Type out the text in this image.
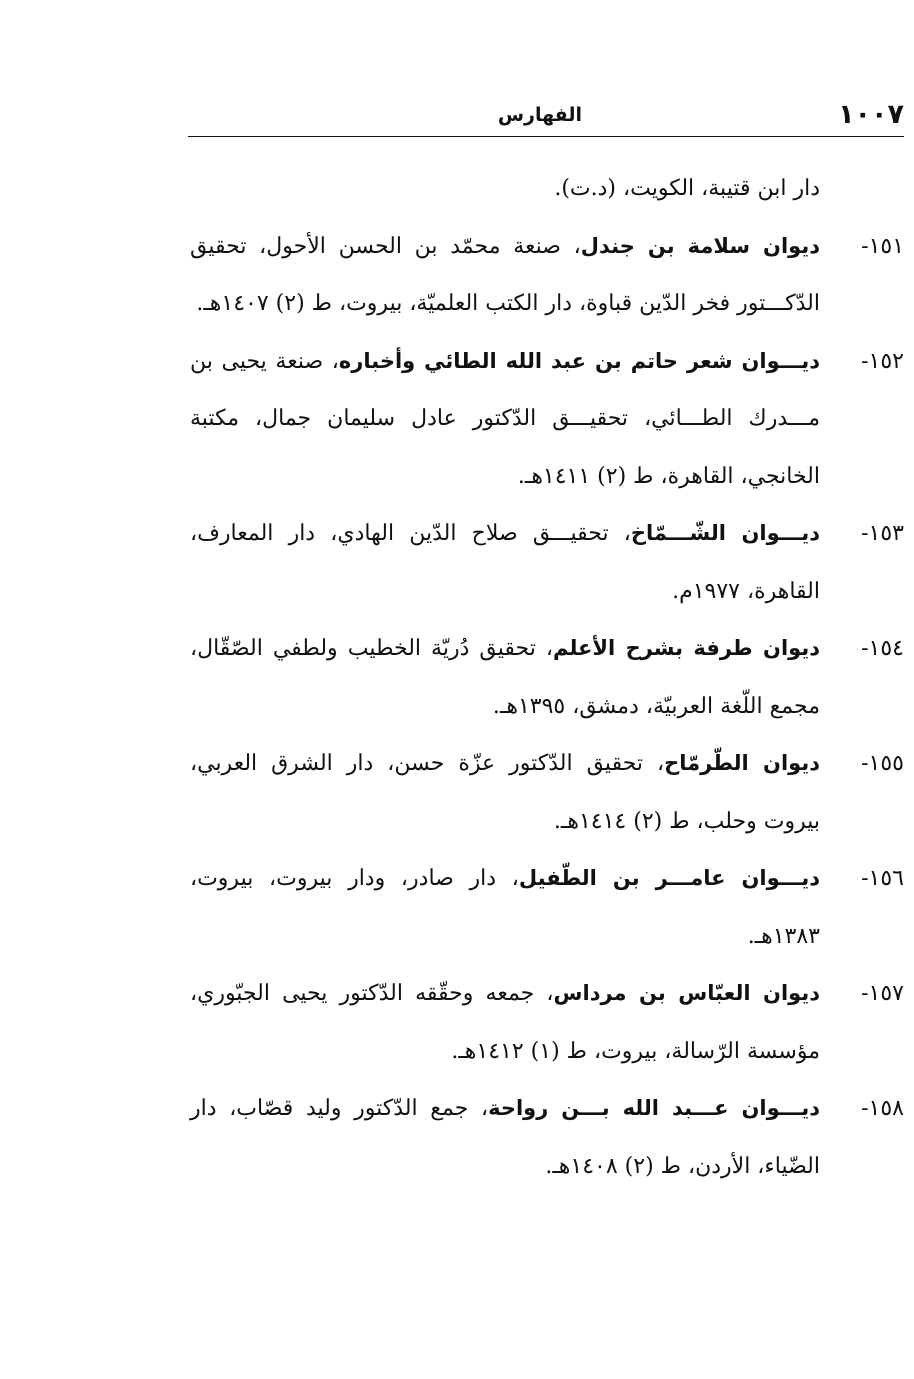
١٠٠٧
الفهارس

دار ابن قتيبة، الكويت، (د.ت).

١٥١-ديوان سلامة بن جندل، صنعة محمّد بن الحسن الأحول، تحقيق الدّكـــتور فخر الدّين قباوة، دار الكتب العلميّة، بيروت، ط (٢) ١٤٠٧هـ.

١٥٢-ديـــوان شعر حاتم بن عبد الله الطائي وأخباره، صنعة يحيى بن مـــدرك الطـــائي، تحقيـــق الدّكتور عادل سليمان جمال، مكتبة الخانجي، القاهرة، ط (٢) ١٤١١هـ.

١٥٣-ديـــوان الشّـــمّاخ، تحقيـــق صلاح الدّين الهادي، دار المعارف، القاهرة، ١٩٧٧م.

١٥٤-ديوان طرفة بشرح الأعلم، تحقيق دُريّة الخطيب ولطفي الصّقّال، مجمع اللّغة العربيّة، دمشق، ١٣٩٥هـ.

١٥٥-ديوان الطّرمّاح، تحقيق الدّكتور عزّة حسن، دار الشرق العربي، بيروت وحلب، ط (٢) ١٤١٤هـ.

١٥٦-ديـــوان عامـــر بن الطّفيل، دار صادر، ودار بيروت، بيروت، ١٣٨٣هـ.

١٥٧-ديوان العبّاس بن مرداس، جمعه وحقّقه الدّكتور يحيى الجبّوري، مؤسسة الرّسالة، بيروت، ط (١) ١٤١٢هـ.

١٥٨-ديـــوان عـــبد الله بـــن رواحة، جمع الدّكتور وليد قصّاب، دار الضّياء، الأردن، ط (٢) ١٤٠٨هـ.
